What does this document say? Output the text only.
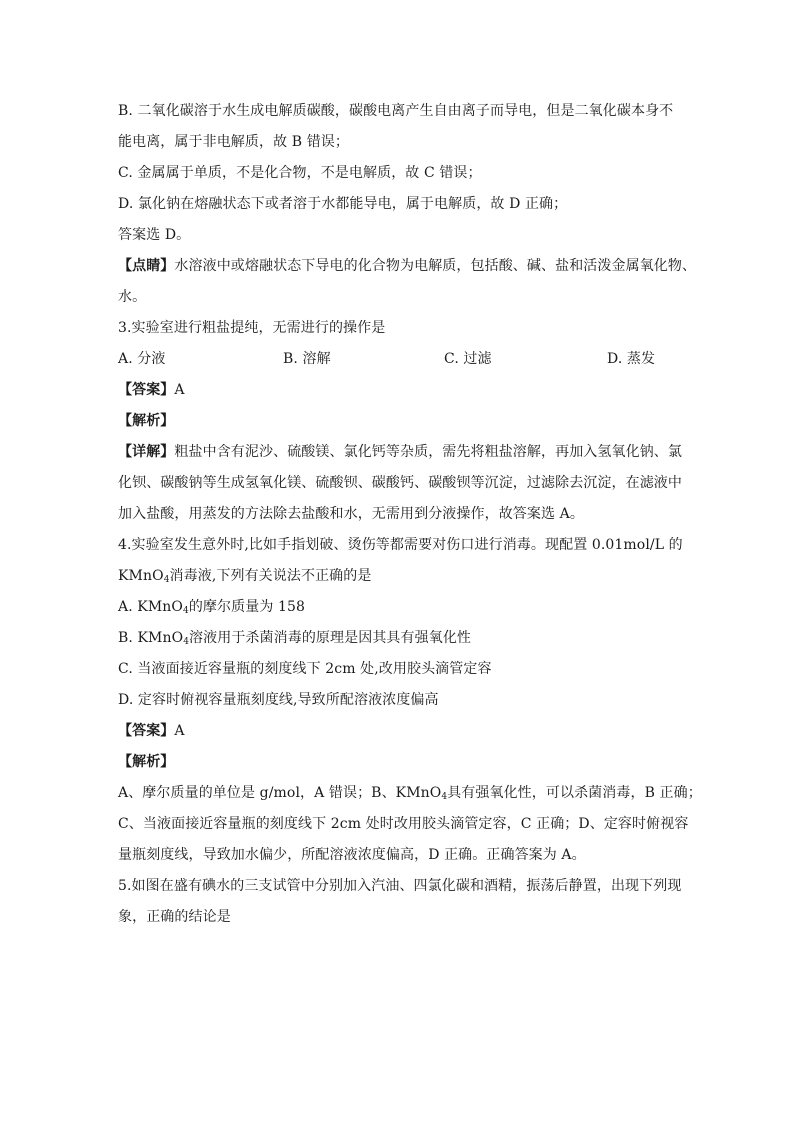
B. 二氧化碳溶于水生成电解质碳酸，碳酸电离产生自由离子而导电，但是二氧化碳本身不
能电离，属于非电解质，故 B 错误；
C. 金属属于单质，不是化合物，不是电解质，故 C 错误；
D. 氯化钠在熔融状态下或者溶于水都能导电，属于电解质，故 D 正确；
答案选 D。
【点睛】水溶液中或熔融状态下导电的化合物为电解质，包括酸、碱、盐和活泼金属氧化物、
水。
3.实验室进行粗盐提纯，无需进行的操作是
A. 分液	B. 溶解	C. 过滤	D. 蒸发
【答案】A
【解析】
【详解】粗盐中含有泥沙、硫酸镁、氯化钙等杂质，需先将粗盐溶解，再加入氢氧化钠、氯
化钡、碳酸钠等生成氢氧化镁、硫酸钡、碳酸钙、碳酸钡等沉淀，过滤除去沉淀，在滤液中
加入盐酸，用蒸发的方法除去盐酸和水，无需用到分液操作，故答案选 A。
4.实验室发生意外时,比如手指划破、烫伤等都需要对伤口进行消毒。现配置 0.01mol/L 的
KMnO$_4$消毒液,下列有关说法不正确的是
A. KMnO$_4$的摩尔质量为 158
B. KMnO$_4$溶液用于杀菌消毒的原理是因其具有强氧化性
C. 当液面接近容量瓶的刻度线下 2cm 处,改用胶头滴管定容
D. 定容时俯视容量瓶刻度线,导致所配溶液浓度偏高
【答案】A
【解析】
A、摩尔质量的单位是 g/mol，A 错误；B、KMnO$_4$具有强氧化性，可以杀菌消毒，B 正确；
C、当液面接近容量瓶的刻度线下 2cm 处时改用胶头滴管定容，C 正确；D、定容时俯视容
量瓶刻度线，导致加水偏少，所配溶液浓度偏高，D 正确。正确答案为 A。
5.如图在盛有碘水的三支试管中分别加入汽油、四氯化碳和酒精，振荡后静置，出现下列现
象，正确的结论是
